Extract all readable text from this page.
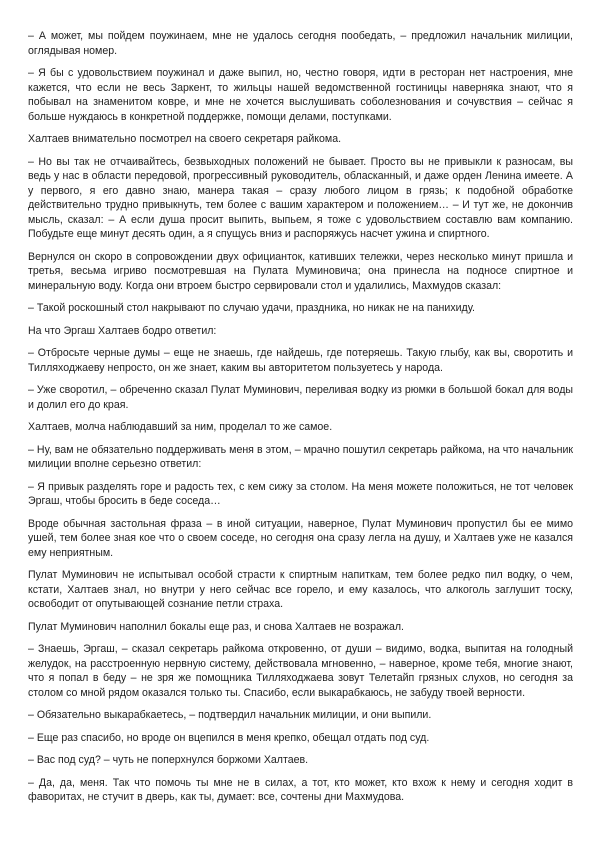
– А может, мы пойдем поужинаем, мне не удалось сегодня пообедать, – предложил начальник милиции, оглядывая номер.

– Я бы с удовольствием поужинал и даже выпил, но, честно говоря, идти в ресторан нет настроения, мне кажется, что если не весь Заркент, то жильцы нашей ведомственной гостиницы наверняка знают, что я побывал на знаменитом ковре, и мне не хочется выслушивать соболезнования и сочувствия – сейчас я больше нуждаюсь в конкретной поддержке, помощи делами, поступками.

Халтаев внимательно посмотрел на своего секретаря райкома.

– Но вы так не отчаивайтесь, безвыходных положений не бывает. Просто вы не привыкли к разносам, вы ведь у нас в области передовой, прогрессивный руководитель, обласканный, и даже орден Ленина имеете. А у первого, я его давно знаю, манера такая – сразу любого лицом в грязь; к подобной обработке действительно трудно привыкнуть, тем более с вашим характером и положением… – И тут же, не докончив мысль, сказал: – А если душа просит выпить, выпьем, я тоже с удовольствием составлю вам компанию. Побудьте еще минут десять один, а я спущусь вниз и распоряжусь насчет ужина и спиртного.

Вернулся он скоро в сопровождении двух официанток, кативших тележки, через несколько минут пришла и третья, весьма игриво посмотревшая на Пулата Муминовича; она принесла на подносе спиртное и минеральную воду. Когда они втроем быстро сервировали стол и удалились, Махмудов сказал:

– Такой роскошный стол накрывают по случаю удачи, праздника, но никак не на панихиду.

На что Эргаш Халтаев бодро ответил:

– Отбросьте черные думы – еще не знаешь, где найдешь, где потеряешь. Такую глыбу, как вы, своротить и Тилляходжаеву непросто, он же знает, каким вы авторитетом пользуетесь у народа.

– Уже своротил, – обреченно сказал Пулат Муминович, переливая водку из рюмки в большой бокал для воды и долил его до края.

Халтаев, молча наблюдавший за ним, проделал то же самое.

– Ну, вам не обязательно поддерживать меня в этом, – мрачно пошутил секретарь райкома, на что начальник милиции вполне серьезно ответил:

– Я привык разделять горе и радость тех, с кем сижу за столом. На меня можете положиться, не тот человек Эргаш, чтобы бросить в беде соседа…

Вроде обычная застольная фраза – в иной ситуации, наверное, Пулат Муминович пропустил бы ее мимо ушей, тем более зная кое что о своем соседе, но сегодня она сразу легла на душу, и Халтаев уже не казался ему неприятным.

Пулат Муминович не испытывал особой страсти к спиртным напиткам, тем более редко пил водку, о чем, кстати, Халтаев знал, но внутри у него сейчас все горело, и ему казалось, что алкоголь заглушит тоску, освободит от опутывающей сознание петли страха.

Пулат Муминович наполнил бокалы еще раз, и снова Халтаев не возражал.

– Знаешь, Эргаш, – сказал секретарь райкома откровенно, от души – видимо, водка, выпитая на голодный желудок, на расстроенную нервную систему, действовала мгновенно, – наверное, кроме тебя, многие знают, что я попал в беду – не зря же помощника Тилляходжаева зовут Телетайп грязных слухов, но сегодня за столом со мной рядом оказался только ты. Спасибо, если выкарабкаюсь, не забуду твоей верности.

– Обязательно выкарабкаетесь, – подтвердил начальник милиции, и они выпили.

– Еще раз спасибо, но вроде он вцепился в меня крепко, обещал отдать под суд.

– Вас под суд? – чуть не поперхнулся боржоми Халтаев.

– Да, да, меня. Так что помочь ты мне не в силах, а тот, кто может, кто вхож к нему и сегодня ходит в фаворитах, не стучит в дверь, как ты, думает: все, сочтены дни Махмудова.
